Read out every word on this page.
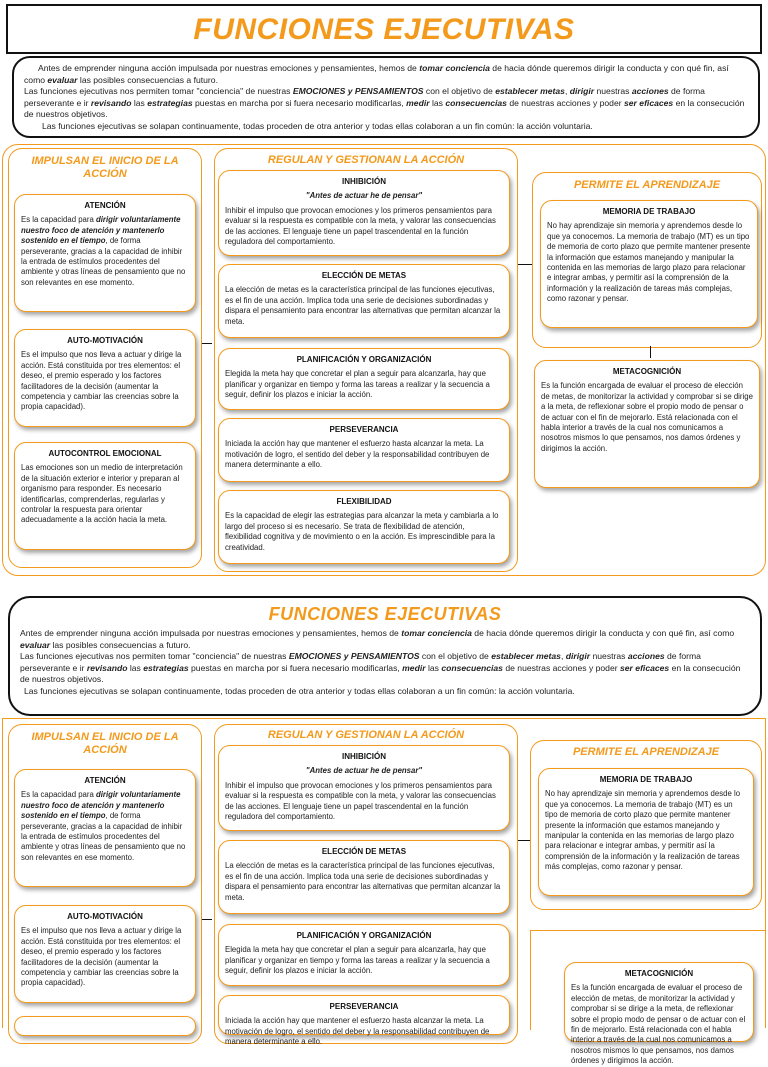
FUNCIONES EJECUTIVAS

Antes de emprender ninguna acción impulsada por nuestras emociones y pensamientes, hemos de tomar conciencia de hacia dónde queremos dirigir la conducta y con qué fin, así como evaluar las posibles consecuencias a futuro.

Las funciones ejecutivas nos permiten tomar "conciencia" de nuestras EMOCIONES y PENSAMIENTOS con el objetivo de establecer metas, dirigir nuestras acciones de forma perseverante e ir revisando las estrategias puestas en marcha por si fuera necesario modificarlas, medir las consecuencias de nuestras acciones y poder ser eficaces en la consecución de nuestros objetivos.

Las funciones ejecutivas se solapan continuamente, todas proceden de otra anterior y todas ellas colaboran a un fin común: la acción voluntaria.

IMPULSAN EL INICIO DE LA ACCIÓN
ATENCIÓN

Es la capacidad para dirigir voluntariamente nuestro foco de atención y mantenerlo sostenido en el tiempo, de forma perseverante, gracias a la capacidad de inhibir la entrada de estímulos procedentes del ambiente y otras líneas de pensamiento que no son relevantes en ese momento.

AUTO-MOTIVACIÓN

Es el impulso que nos lleva a actuar y dirige la acción. Está constituida por tres elementos: el deseo, el premio esperado y los factores facilitadores de la decisión (aumentar la competencia y cambiar las creencias sobre la propia capacidad).

AUTOCONTROL EMOCIONAL

Las emociones son un medio de interpretación de la situación exterior e interior y preparan al organismo para responder. Es necesario identificarlas, comprenderlas, regularlas y controlar la respuesta para orientar adecuadamente a la acción hacia la meta.

REGULAN Y GESTIONAN LA ACCIÓN
INHIBICIÓN

"Antes de actuar he de pensar"

Inhibir el impulso que provocan emociones y los primeros pensamientos para evaluar si la respuesta es compatible con la meta, y valorar las consecuencias de las acciones. El lenguaje tiene un papel trascendental en la función reguladora del comportamiento.

ELECCIÓN DE METAS

La elección de metas es la característica principal de las funciones ejecutivas, es el fin de una acción. Implica toda una serie de decisiones subordinadas y dispara el pensamiento para encontrar las alternativas que permitan alcanzar la meta.

PLANIFICACIÓN Y ORGANIZACIÓN

Elegida la meta hay que concretar el plan a seguir para alcanzarla, hay que planificar y organizar en tiempo y forma las tareas a realizar y la secuencia a seguir, definir los plazos e iniciar la acción.

PERSEVERANCIA

Iniciada la acción hay que mantener el esfuerzo hasta alcanzar la meta. La motivación de logro, el sentido del deber y la responsabilidad contribuyen de manera determinante a ello.

FLEXIBILIDAD

Es la capacidad de elegir las estrategias para alcanzar la meta y cambiarla a lo largo del proceso si es necesario. Se trata de flexibilidad de atención, flexibilidad cognitiva y de movimiento o en la acción. Es imprescindible para la creatividad.

PERMITE EL APRENDIZAJE
MEMORIA DE TRABAJO

No hay aprendizaje sin memoria y aprendemos desde lo que ya conocemos. La memoria de trabajo (MT) es un tipo de memoria de corto plazo que permite mantener presente la información que estamos manejando y manipular la contenida en las memorias de largo plazo para relacionar e integrar ambas, y permitir así la comprensión de la información y la realización de tareas más complejas, como razonar y pensar.

METACOGNICIÓN

Es la función encargada de evaluar el proceso de elección de metas, de monitorizar la actividad y comprobar si se dirige a la meta, de reflexionar sobre el propio modo de pensar o de actuar con el fin de mejorarlo. Está relacionada con el habla interior a través de la cual nos comunicamos a nosotros mismos lo que pensamos, nos damos órdenes y dirigimos la acción.

FUNCIONES EJECUTIVAS

Antes de emprender ninguna acción impulsada por nuestras emociones y pensamientes, hemos de tomar conciencia de hacia dónde queremos dirigir la conducta y con qué fin, así como evaluar las posibles consecuencias a futuro.

Las funciones ejecutivas nos permiten tomar "conciencia" de nuestras EMOCIONES y PENSAMIENTOS con el objetivo de establecer metas, dirigir nuestras acciones de forma perseverante e ir revisando las estrategias puestas en marcha por si fuera necesario modificarlas, medir las consecuencias de nuestras acciones y poder ser eficaces en la consecución de nuestros objetivos.

Las funciones ejecutivas se solapan continuamente, todas proceden de otra anterior y todas ellas colaboran a un fin común: la acción voluntaria.

IMPULSAN EL INICIO DE LA ACCIÓN
ATENCIÓN

Es la capacidad para dirigir voluntariamente nuestro foco de atención y mantenerlo sostenido en el tiempo, de forma perseverante, gracias a la capacidad de inhibir la entrada de estímulos procedentes del ambiente y otras líneas de pensamiento que no son relevantes en ese momento.

AUTO-MOTIVACIÓN

Es el impulso que nos lleva a actuar y dirige la acción. Está constituida por tres elementos: el deseo, el premio esperado y los factores facilitadores de la decisión (aumentar la competencia y cambiar las creencias sobre la propia capacidad).

REGULAN Y GESTIONAN LA ACCIÓN
INHIBICIÓN

"Antes de actuar he de pensar"

Inhibir el impulso que provocan emociones y los primeros pensamientos para evaluar si la respuesta es compatible con la meta, y valorar las consecuencias de las acciones. El lenguaje tiene un papel trascendental en la función reguladora del comportamiento.

ELECCIÓN DE METAS

La elección de metas es la característica principal de las funciones ejecutivas, es el fin de una acción. Implica toda una serie de decisiones subordinadas y dispara el pensamiento para encontrar las alternativas que permitan alcanzar la meta.

PLANIFICACIÓN Y ORGANIZACIÓN

Elegida la meta hay que concretar el plan a seguir para alcanzarla, hay que planificar y organizar en tiempo y forma las tareas a realizar y la secuencia a seguir, definir los plazos e iniciar la acción.

PERSEVERANCIA

Iniciada la acción hay que mantener el esfuerzo hasta alcanzar la meta. La motivación de logro, el sentido del deber y la responsabilidad contribuyen de manera determinante a ello.

PERMITE EL APRENDIZAJE
MEMORIA DE TRABAJO

No hay aprendizaje sin memoria y aprendemos desde lo que ya conocemos. La memoria de trabajo (MT) es un tipo de memoria de corto plazo que permite mantener presente la información que estamos manejando y manipular la contenida en las memorias de largo plazo para relacionar e integrar ambas, y permitir así la comprensión de la información y la realización de tareas más complejas, como razonar y pensar.

METACOGNICIÓN

Es la función encargada de evaluar el proceso de elección de metas, de monitorizar la actividad y comprobar si se dirige a la meta, de reflexionar sobre el propio modo de pensar o de actuar con el fin de mejorarlo. Está relacionada con el habla interior a través de la cual nos comunicamos a nosotros mismos lo que pensamos, nos damos órdenes y dirigimos la acción.
